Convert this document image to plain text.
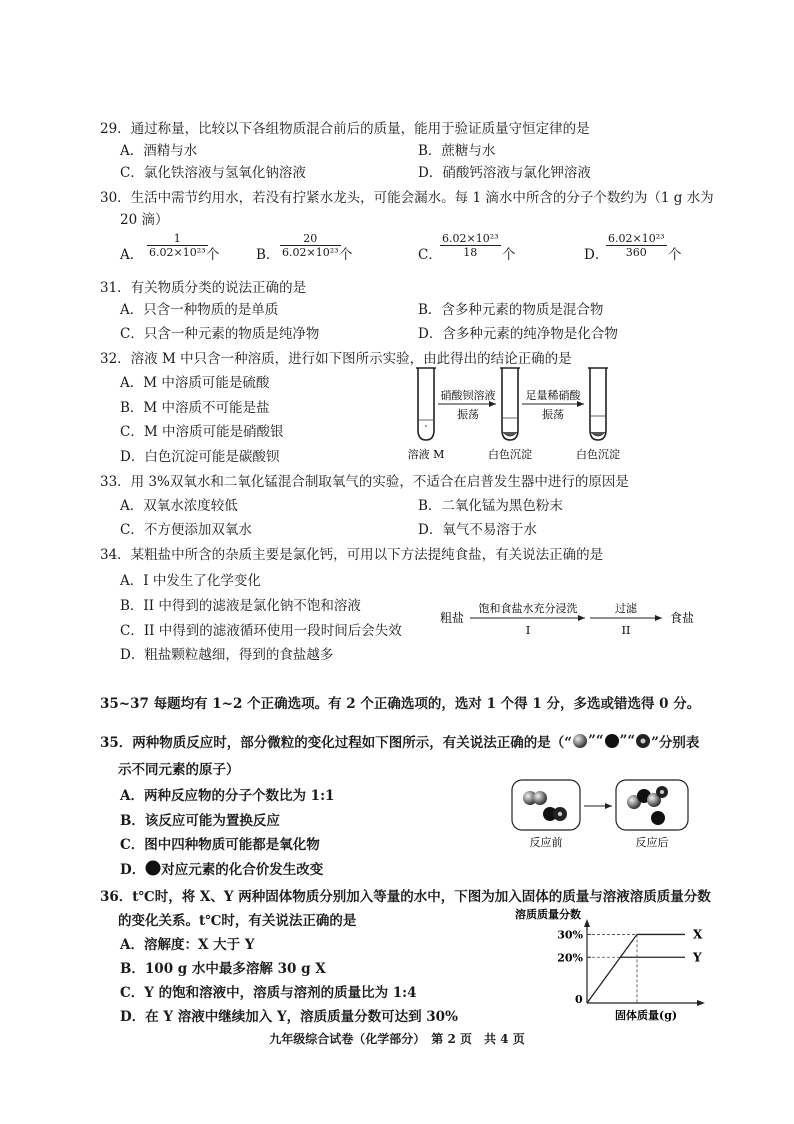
29．通过称量，比较以下各组物质混合前后的质量，能用于验证质量守恒定律的是
A．酒精与水	B．蔗糖与水
C．氯化铁溶液与氢氧化钠溶液	D．硝酸钙溶液与氯化钾溶液
30．生活中需节约用水，若没有拧紧水龙头，可能会漏水。每 1 滴水中所含的分子个数约为（1 g 水为
20 滴）
A． $\frac{1}{\text{6.02×10²³}}$
个	B． $\frac{20}{\text{6.02×10²³}}$
个	C．
$\frac{\text{6.02×10²³}}{18}$ 个	D．
$\frac{\text{6.02×10²³}}{360}$ 个
31．有关物质分类的说法正确的是
A．只含一种物质的是单质	B．含多种元素的物质是混合物
C．只含一种元素的物质是纯净物	D．含多种元素的纯净物是化合物
32．溶液 M 中只含一种溶质，进行如下图所示实验，由此得出的结论正确的是
A．M 中溶质可能是硫酸
B．M 中溶质不可能是盐
C．M 中溶质可能是硝酸银
D．白色沉淀可能是碳酸钡
硝酸钡溶液
振荡
足量稀硝酸
振荡
溶液 M	白色沉淀	白色沉淀
33．用 3%双氧水和二氧化锰混合制取氧气的实验，不适合在启普发生器中进行的原因是
A．双氧水浓度较低	B．二氧化锰为黑色粉末
C．不方便添加双氧水	D．氧气不易溶于水
34．某粗盐中所含的杂质主要是氯化钙，可用以下方法提纯食盐，有关说法正确的是
A．I 中发生了化学变化
B．II 中得到的滤液是氯化钠不饱和溶液
C．II 中得到的滤液循环使用一段时间后会失效
D．粗盐颗粒越细，得到的食盐越多
粗盐
饱和食盐水充分浸洗
I
过滤
II
食盐
35~37 每题均有 1~2 个正确选项。有 2 个正确选项的，选对 1 个得 1 分，多选或错选得 0 分。
35．两种物质反应时，部分微粒的变化过程如下图所示，有关说法正确的是（“ ”“ ”“ ”分别表
示不同元素的原子）
A．两种反应物的分子个数比为 1:1
B．该反应可能为置换反应
C．图中四种物质可能都是氧化物
D． 对应元素的化合价发生改变
反应前	反应后
36．t℃时，将 X、Y 两种固体物质分别加入等量的水中，下图为加入固体的质量与溶液溶质质量分数
的变化关系。t℃时，有关说法正确的是
A．溶解度：X 大于 Y
B．100 g 水中最多溶解 30 g X
C．Y 的饱和溶液中，溶质与溶剂的质量比为 1:4
D．在 Y 溶液中继续加入 Y，溶质质量分数可达到 30%
溶质质量分数
0
20%
30%	X
Y
固体质量(g)
九年级综合试卷（化学部分）　第 2 页　共 4 页
